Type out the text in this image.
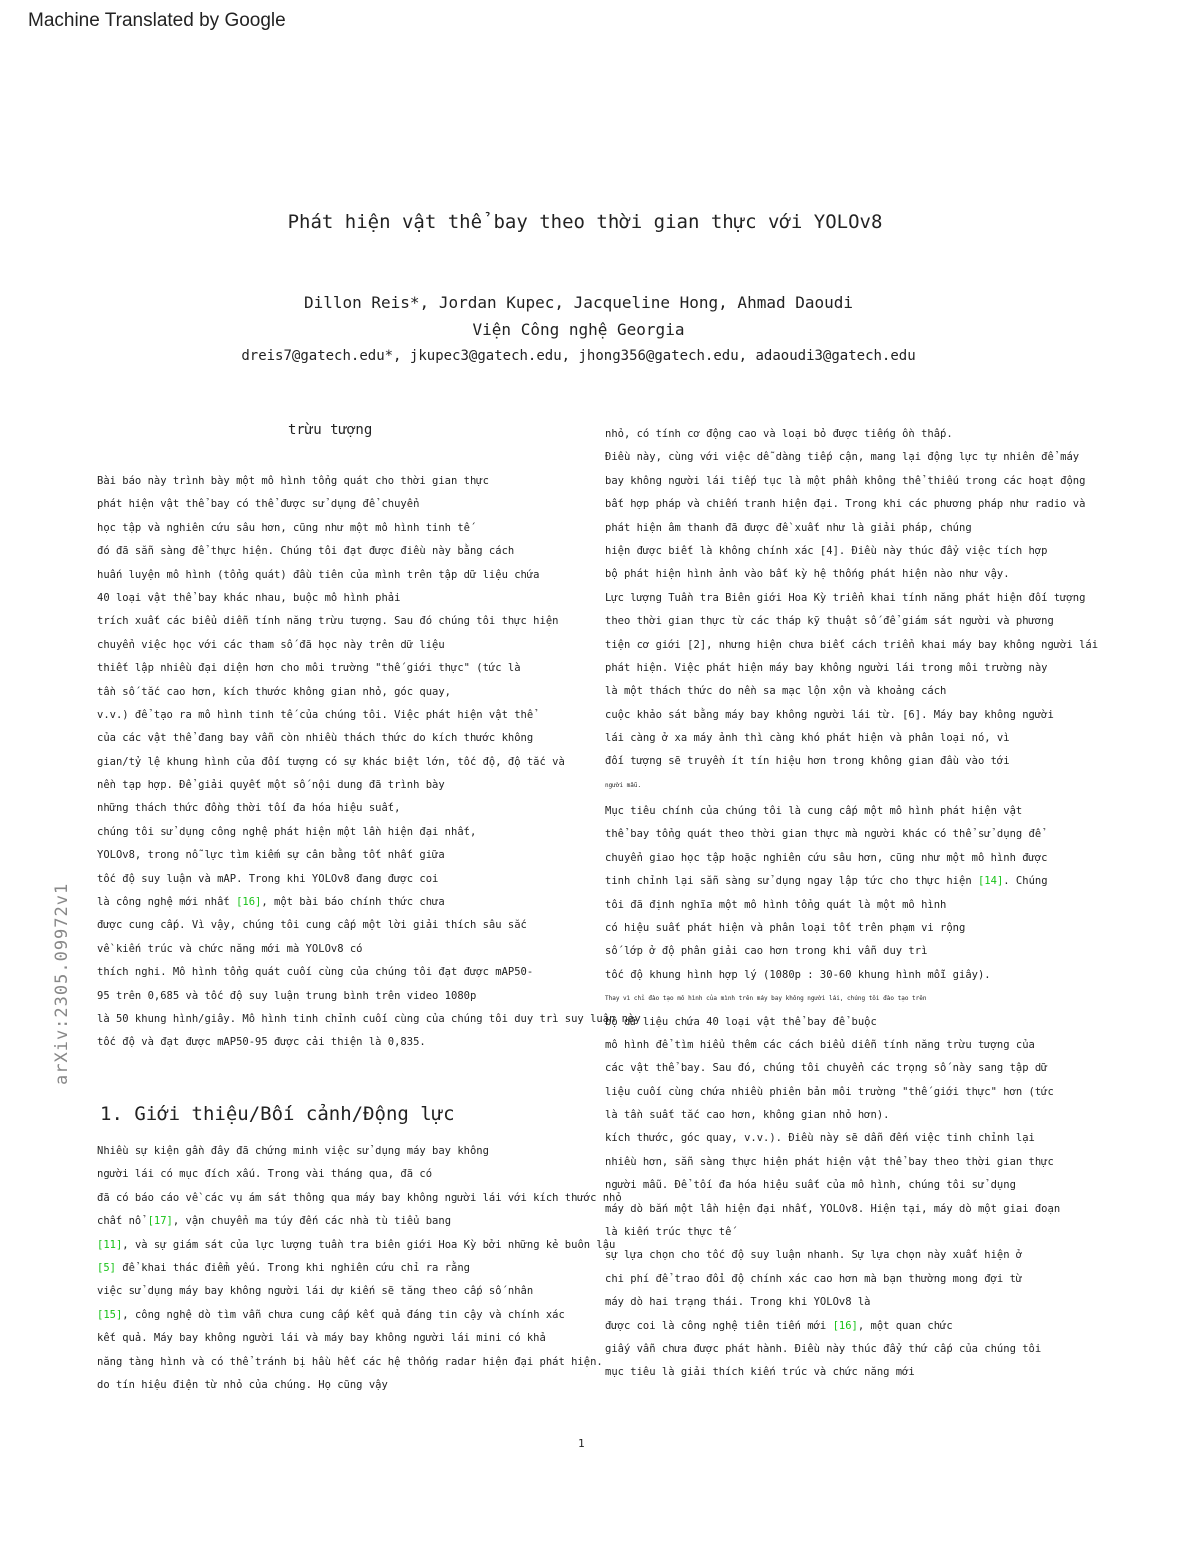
Machine Translated by Google
Phát hiện vật thể bay theo thời gian thực với YOLOv8
Dillon Reis*, Jordan Kupec, Jacqueline Hong, Ahmad Daoudi
Viện Công nghệ Georgia
dreis7@gatech.edu*, jkupec3@gatech.edu, jhong356@gatech.edu, adaoudi3@gatech.edu
arXiv:2305.09972v1
trừu tượng
Bài báo này trình bày một mô hình tổng quát cho thời gian thực
phát hiện vật thể bay có thể được sử dụng để chuyển
học tập và nghiên cứu sâu hơn, cũng như một mô hình tinh tế
đó đã sẵn sàng để thực hiện. Chúng tôi đạt được điều này bằng cách
huấn luyện mô hình (tổng quát) đầu tiên của mình trên tập dữ liệu chứa
40 loại vật thể bay khác nhau, buộc mô hình phải
trích xuất các biểu diễn tính năng trừu tượng. Sau đó chúng tôi thực hiện
chuyển việc học với các tham số đã học này trên dữ liệu
thiết lập nhiều đại diện hơn cho môi trường "thế giới thực" (tức là
tần số tắc cao hơn, kích thước không gian nhỏ, góc quay,
v.v.) để tạo ra mô hình tinh tế của chúng tôi. Việc phát hiện vật thể
của các vật thể đang bay vẫn còn nhiều thách thức do kích thước không
gian/tỷ lệ khung hình của đối tượng có sự khác biệt lớn, tốc độ, độ tắc và
nền tạp hợp. Để giải quyết một số nội dung đã trình bày
những thách thức đồng thời tối đa hóa hiệu suất,
chúng tôi sử dụng công nghệ phát hiện một lần hiện đại nhất,
YOLOv8, trong nỗ lực tìm kiếm sự cân bằng tốt nhất giữa
tốc độ suy luận và mAP. Trong khi YOLOv8 đang được coi
là công nghệ mới nhất [16], một bài báo chính thức chưa
được cung cấp. Vì vậy, chúng tôi cung cấp một lời giải thích sâu sắc
về kiến trúc và chức năng mới mà YOLOv8 có
thích nghi. Mô hình tổng quát cuối cùng của chúng tôi đạt được mAP50-
95 trên 0,685 và tốc độ suy luận trung bình trên video 1080p
là 50 khung hình/giây. Mô hình tinh chỉnh cuối cùng của chúng tôi duy trì suy luận này
tốc độ và đạt được mAP50-95 được cải thiện là 0,835.
1. Giới thiệu/Bối cảnh/Động lực
Nhiều sự kiện gần đây đã chứng minh việc sử dụng máy bay không
người lái có mục đích xấu. Trong vài tháng qua, đã có
đã có báo cáo về các vụ ám sát thông qua máy bay không người lái với kích thước nhỏ
chất nổ [17], vận chuyển ma túy đến các nhà tù tiểu bang
[11], và sự giám sát của lực lượng tuần tra biên giới Hoa Kỳ bởi những kẻ buôn lậu
[5] để khai thác điểm yếu. Trong khi nghiên cứu chỉ ra rằng
việc sử dụng máy bay không người lái dự kiến sẽ tăng theo cấp số nhân
[15], công nghệ dò tìm vẫn chưa cung cấp kết quả đáng tin cậy và chính xác
kết quả. Máy bay không người lái và máy bay không người lái mini có khả
năng tàng hình và có thể tránh bị hầu hết các hệ thống radar hiện đại phát hiện.
do tín hiệu điện từ nhỏ của chúng. Họ cũng vậy
nhỏ, có tính cơ động cao và loại bỏ được tiếng ồn thấp.
Điều này, cùng với việc dễ dàng tiếp cận, mang lại động lực tự nhiên để máy
bay không người lái tiếp tục là một phần không thể thiếu trong các hoạt động
bất hợp pháp và chiến tranh hiện đại. Trong khi các phương pháp như radio và
phát hiện âm thanh đã được đề xuất như là giải pháp, chúng
hiện được biết là không chính xác [4]. Điều này thúc đẩy việc tích hợp
bộ phát hiện hình ảnh vào bất kỳ hệ thống phát hiện nào như vậy.
Lực lượng Tuần tra Biên giới Hoa Kỳ triển khai tính năng phát hiện đối tượng
theo thời gian thực từ các tháp kỹ thuật số để giám sát người và phương
tiện cơ giới [2], nhưng hiện chưa biết cách triển khai máy bay không người lái
phát hiện. Việc phát hiện máy bay không người lái trong môi trường này
là một thách thức do nền sa mạc lộn xộn và khoảng cách
cuộc khảo sát bằng máy bay không người lái từ. [6]. Máy bay không người
lái càng ở xa máy ảnh thì càng khó phát hiện và phân loại nó, vì
đối tượng sẽ truyền ít tín hiệu hơn trong không gian đầu vào tới
người mẫu.
Mục tiêu chính của chúng tôi là cung cấp một mô hình phát hiện vật
thể bay tổng quát theo thời gian thực mà người khác có thể sử dụng để
chuyển giao học tập hoặc nghiên cứu sâu hơn, cũng như một mô hình được
tinh chỉnh lại sẵn sàng sử dụng ngay lập tức cho thực hiện [14]. Chúng
tôi đã định nghĩa một mô hình tổng quát là một mô hình
có hiệu suất phát hiện và phân loại tốt trên phạm vi rộng
số lớp ở độ phân giải cao hơn trong khi vẫn duy trì
tốc độ khung hình hợp lý (1080p : 30-60 khung hình mỗi giây).
Thay vì chỉ đào tạo mô hình của mình trên máy bay không người lái, chúng tôi đào tạo trên
bộ dữ liệu chứa 40 loại vật thể bay để buộc
mô hình để tìm hiểu thêm các cách biểu diễn tính năng trừu tượng của
các vật thể bay. Sau đó, chúng tôi chuyển các trọng số này sang tập dữ
liệu cuối cùng chứa nhiều phiên bản môi trường "thế giới thực" hơn (tức
là tần suất tắc cao hơn, không gian nhỏ hơn).
kích thước, góc quay, v.v.). Điều này sẽ dẫn đến việc tinh chỉnh lại
nhiều hơn, sẵn sàng thực hiện phát hiện vật thể bay theo thời gian thực
người mẫu. Để tối đa hóa hiệu suất của mô hình, chúng tôi sử dụng
máy dò bắn một lần hiện đại nhất, YOLOv8. Hiện tại, máy dò một giai đoạn
là kiến trúc thực tế
sự lựa chọn cho tốc độ suy luận nhanh. Sự lựa chọn này xuất hiện ở
chi phí để trao đổi độ chính xác cao hơn mà bạn thường mong đợi từ
máy dò hai trạng thái. Trong khi YOLOv8 là
được coi là công nghệ tiên tiến mới [16], một quan chức
giấy vẫn chưa được phát hành. Điều này thúc đẩy thứ cấp của chúng tôi
mục tiêu là giải thích kiến trúc và chức năng mới
1
